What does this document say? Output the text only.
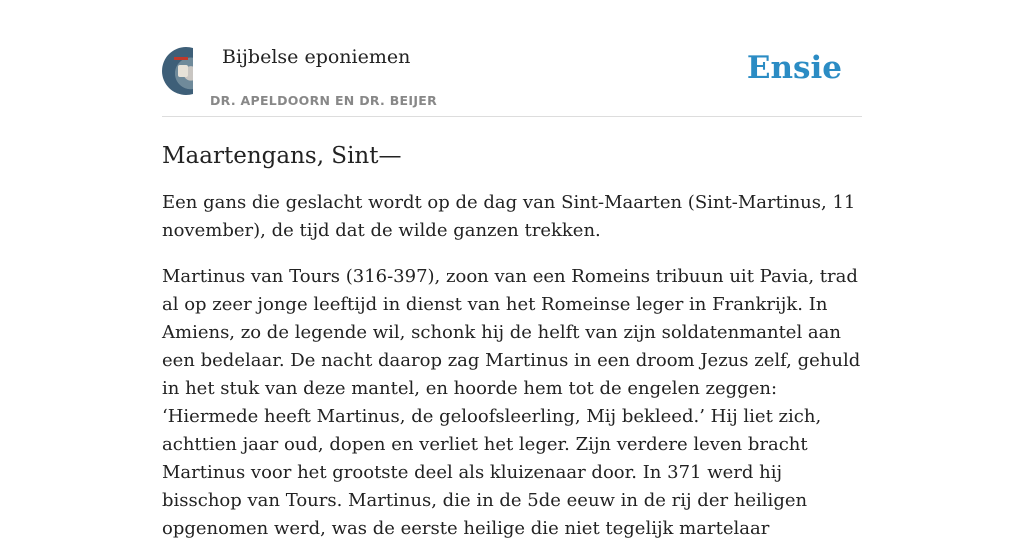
Bijbelse eponiemen
DR. APELDOORN EN DR. BEIJER
Ensie
Maartengans, Sint—

Een gans die geslacht wordt op de dag van Sint-Maarten (Sint-Martinus, 11 november), de tijd dat de wilde ganzen trekken.

Martinus van Tours (316-397), zoon van een Romeins tribuun uit Pavia, trad al op zeer jonge leeftijd in dienst van het Romeinse leger in Frankrijk. In Amiens, zo de legende wil, schonk hij de helft van zijn soldatenmantel aan een bedelaar. De nacht daarop zag Martinus in een droom Jezus zelf, gehuld in het stuk van deze mantel, en hoorde hem tot de engelen zeggen: ‘Hiermede heeft Martinus, de geloofsleerling, Mij bekleed.’ Hij liet zich, achttien jaar oud, dopen en verliet het leger. Zijn verdere leven bracht Martinus voor het grootste deel als kluizenaar door. In 371 werd hij bisschop van Tours. Martinus, die in de 5de eeuw in de rij der heiligen opgenomen werd, was de eerste heilige die niet tegelijk martelaar
